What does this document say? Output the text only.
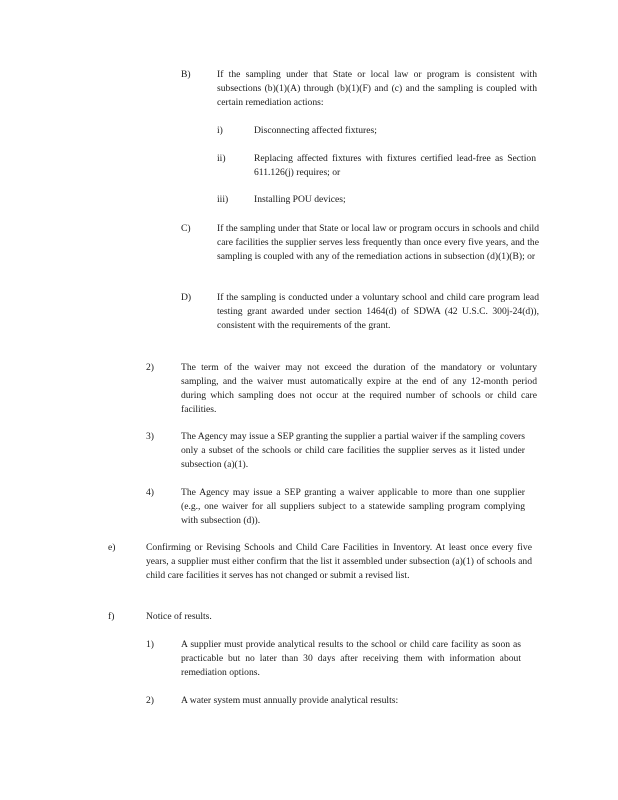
B)	If the sampling under that State or local law or program is consistent with subsections (b)(1)(A) through (b)(1)(F) and (c) and the sampling is coupled with certain remediation actions:
i)	Disconnecting affected fixtures;
ii)	Replacing affected fixtures with fixtures certified lead-free as Section 611.126(j) requires; or
iii)	Installing POU devices;
C)	If the sampling under that State or local law or program occurs in schools and child care facilities the supplier serves less frequently than once every five years, and the sampling is coupled with any of the remediation actions in subsection (d)(1)(B); or
D)	If the sampling is conducted under a voluntary school and child care program lead testing grant awarded under section 1464(d) of SDWA (42 U.S.C. 300j-24(d)), consistent with the requirements of the grant.
2)	The term of the waiver may not exceed the duration of the mandatory or voluntary sampling, and the waiver must automatically expire at the end of any 12-month period during which sampling does not occur at the required number of schools or child care facilities.
3)	The Agency may issue a SEP granting the supplier a partial waiver if the sampling covers only a subset of the schools or child care facilities the supplier serves as it listed under subsection (a)(1).
4)	The Agency may issue a SEP granting a waiver applicable to more than one supplier (e.g., one waiver for all suppliers subject to a statewide sampling program complying with subsection (d)).
e)	Confirming or Revising Schools and Child Care Facilities in Inventory. At least once every five years, a supplier must either confirm that the list it assembled under subsection (a)(1) of schools and child care facilities it serves has not changed or submit a revised list.
f)	Notice of results.
1)	A supplier must provide analytical results to the school or child care facility as soon as practicable but no later than 30 days after receiving them with information about remediation options.
2)	A water system must annually provide analytical results:
